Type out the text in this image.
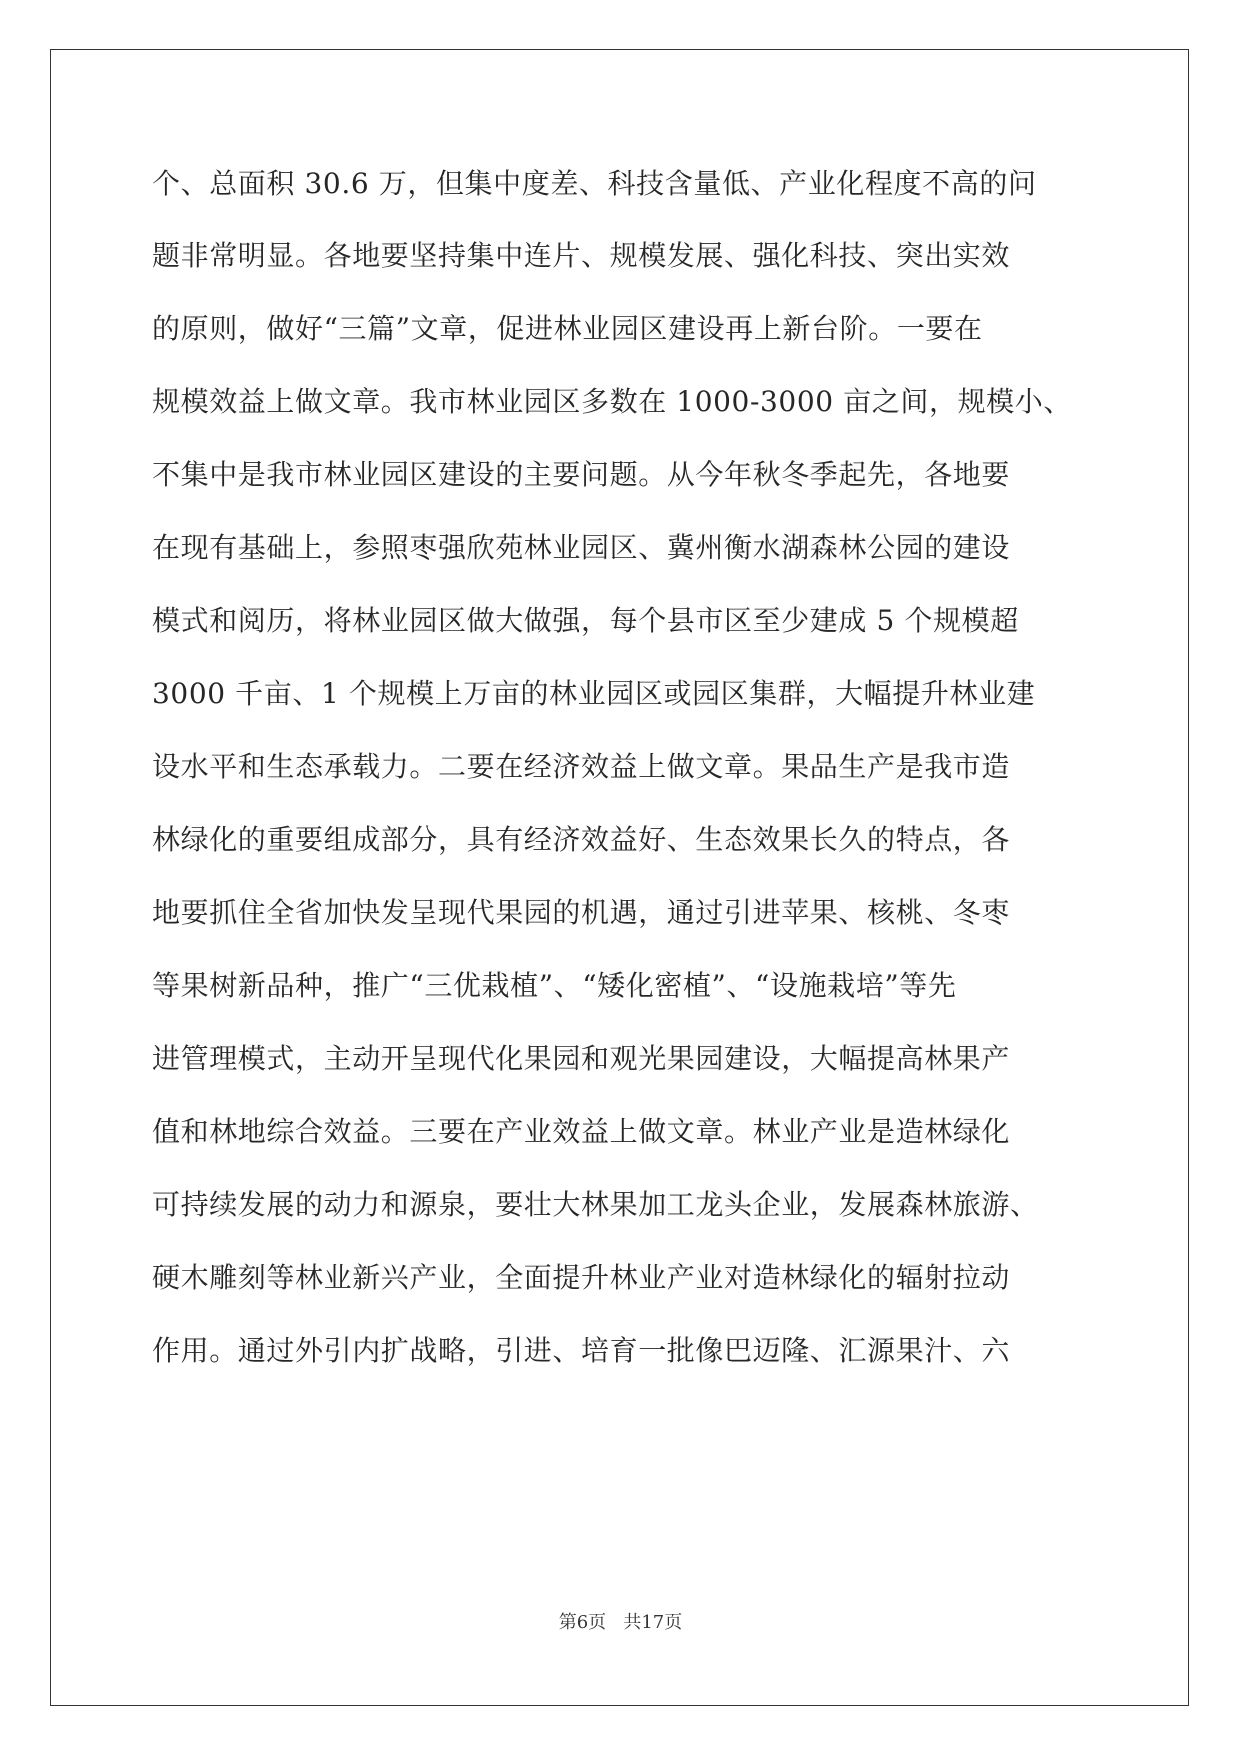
个、总面积 30.6 万，但集中度差、科技含量低、产业化程度不高的问
题非常明显。各地要坚持集中连片、规模发展、强化科技、突出实效
的原则，做好“三篇”文章，促进林业园区建设再上新台阶。一要在
规模效益上做文章。我市林业园区多数在 1000-3000 亩之间，规模小、
不集中是我市林业园区建设的主要问题。从今年秋冬季起先，各地要
在现有基础上，参照枣强欣苑林业园区、冀州衡水湖森林公园的建设
模式和阅历，将林业园区做大做强，每个县市区至少建成 5 个规模超
3000 千亩、1 个规模上万亩的林业园区或园区集群，大幅提升林业建
设水平和生态承载力。二要在经济效益上做文章。果品生产是我市造
林绿化的重要组成部分，具有经济效益好、生态效果长久的特点，各
地要抓住全省加快发呈现代果园的机遇，通过引进苹果、核桃、冬枣
等果树新品种，推广“三优栽植”、“矮化密植”、“设施栽培”等先
进管理模式，主动开呈现代化果园和观光果园建设，大幅提高林果产
值和林地综合效益。三要在产业效益上做文章。林业产业是造林绿化
可持续发展的动力和源泉，要壮大林果加工龙头企业，发展森林旅游、
硬木雕刻等林业新兴产业，全面提升林业产业对造林绿化的辐射拉动
作用。通过外引内扩战略，引进、培育一批像巴迈隆、汇源果汁、六
第6页   共17页
